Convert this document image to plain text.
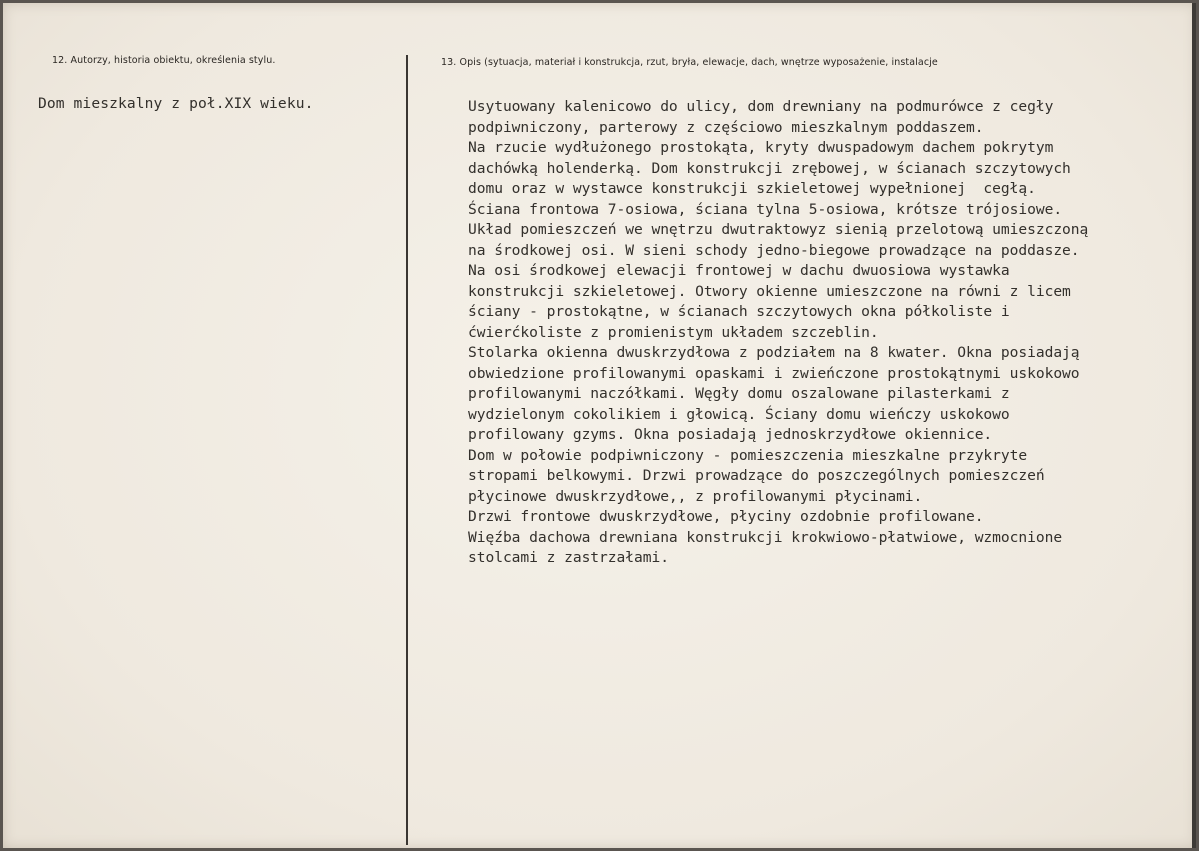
12. Autorzy, historia obiektu, określenia stylu.	13. Opis (sytuacja, materiał i konstrukcja, rzut, bryła, elewacje, dach, wnętrze wyposażenie, instalacje
Dom mieszkalny z poł.XIX wieku.	Usytuowany kalenicowo do ulicy, dom drewniany na podmurówce z cegły
podpiwniczony, parterowy z częściowo mieszkalnym poddaszem.
Na rzucie wydłużonego prostokąta, kryty dwuspadowym dachem pokrytym
dachówką holenderką. Dom konstrukcji zrębowej, w ścianach szczytowych
domu oraz w wystawce konstrukcji szkieletowej wypełnionej  cegłą.
Ściana frontowa 7-osiowa, ściana tylna 5-osiowa, krótsze trójosiowe.
Układ pomieszczeń we wnętrzu dwutraktowyz sienią przelotową umieszczoną
na środkowej osi. W sieni schody jedno-biegowe prowadzące na poddasze.
Na osi środkowej elewacji frontowej w dachu dwuosiowa wystawka
konstrukcji szkieletowej. Otwory okienne umieszczone na równi z licem
ściany - prostokątne, w ścianach szczytowych okna półkoliste i
ćwierćkoliste z promienistym układem szczeblin.
Stolarka okienna dwuskrzydłowa z podziałem na 8 kwater. Okna posiadają
obwiedzione profilowanymi opaskami i zwieńczone prostokątnymi uskokowo
profilowanymi naczółkami. Węgły domu oszalowane pilasterkami z
wydzielonym cokolikiem i głowicą. Ściany domu wieńczy uskokowo
profilowany gzyms. Okna posiadają jednoskrzydłowe okiennice.
Dom w połowie podpiwniczony - pomieszczenia mieszkalne przykryte
stropami belkowymi. Drzwi prowadzące do poszczególnych pomieszczeń
płycinowe dwuskrzydłowe,, z profilowanymi płycinami.
Drzwi frontowe dwuskrzydłowe, płyciny ozdobnie profilowane.
Więźba dachowa drewniana konstrukcji krokwiowo-płatwiowe, wzmocnione
stolcami z zastrzałami.
